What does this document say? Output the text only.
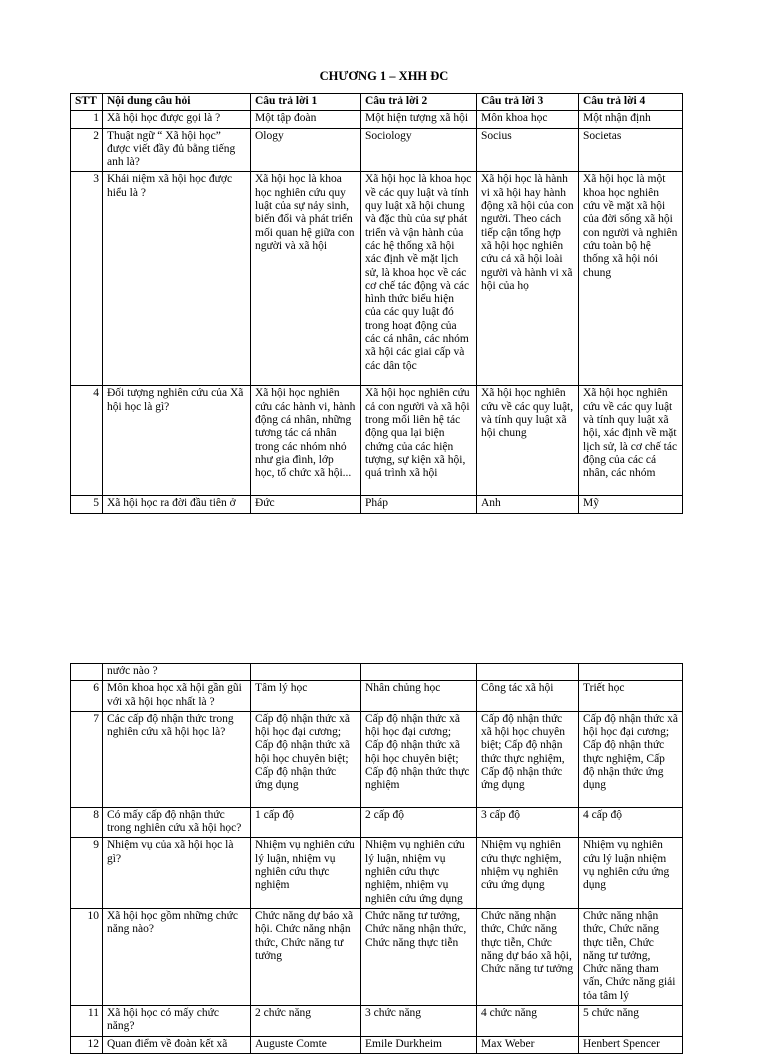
CHƯƠNG 1 – XHH ĐC
STT	Nội dung câu hỏi	Câu trả lời 1	Câu trả lời 2	Câu trả lời 3	Câu trả lời 4
1	Xã hội học được gọi là ?	Một tập đoàn	Một hiện tượng xã hội	Môn khoa học	Một nhận định
2	Thuật ngữ “ Xã hội học” được viết đầy đủ bằng tiếng anh là?	Ology	Sociology	Socius	Societas
3	Khái niệm xã hội học được hiểu là ?	Xã hội học là khoa học nghiên cứu quy luật của sự nảy sinh, biến đổi và phát triển mối quan hệ giữa con người và xã hội	Xã hội học là khoa học về các quy luật và tính quy luật xã hội chung và đặc thù của sự phát triển và vận hành của các hệ thống xã hội xác định về mặt lịch sử, là khoa học về các cơ chế tác động và các hình thức biểu hiện của các quy luật đó trong hoạt động của các cá nhân, các nhóm xã hội các giai cấp và các dân tộc	Xã hội học là hành vi xã hội hay hành động xã hội của con người. Theo cách tiếp cận tổng hợp xã hội học nghiên cứu cả xã hội loài người và hành vi xã hội của họ	Xã hội học là một khoa học nghiên cứu về mặt xã hội của đời sống xã hội con người và nghiên cứu toàn bộ hệ thống xã hội nói chung
4	Đối tượng nghiên cứu của Xã hội học là gì?	Xã hội học nghiên cứu các hành vi, hành động cá nhân, những tương tác cá nhân trong các nhóm nhỏ như gia đình, lớp học, tổ chức xã hội...	Xã hội học nghiên cứu cả con người và xã hội trong mối liên hệ tác động qua lại biện chứng của các hiện tượng, sự kiện xã hội, quá trình xã hội	Xã hội học nghiên cứu về các quy luật, và tính quy luật xã hội chung	Xã hội học nghiên cứu về các quy luật và tính quy luật xã hội, xác định về mặt lịch sử, là cơ chế tác động của các cá nhân, các nhóm
5	Xã hội học ra đời đầu tiên ở	Đức	Pháp	Anh	Mỹ
	nước nào ?				
6	Môn khoa học xã hội gần gũi với xã hội học nhất là ?	Tâm lý học	Nhân chủng học	Công tác xã hội	Triết học
7	Các cấp độ nhận thức trong nghiên cứu xã hội học là?	Cấp độ nhận thức xã hội học đại cương; Cấp độ nhận thức xã hội học chuyên biệt; Cấp độ nhận thức ứng dụng	Cấp độ nhận thức xã hội học đại cương; Cấp độ nhận thức xã hội học chuyên biệt; Cấp độ nhận thức thực nghiệm	Cấp độ nhận thức xã hội học chuyên biệt; Cấp độ nhận thức thực nghiệm, Cấp độ nhận thức ứng dụng	Cấp độ nhận thức xã hội học đại cương; Cấp độ nhận thức thực nghiệm, Cấp độ nhận thức ứng dụng
8	Có mấy cấp độ nhận thức trong nghiên cứu xã hội học?	1 cấp độ	2 cấp độ	3 cấp độ	4 cấp độ
9	Nhiệm vụ của xã hội học là gì?	Nhiệm vụ nghiên cứu lý luận, nhiệm vụ nghiên cứu thực nghiệm	Nhiệm vụ nghiên cứu lý luận, nhiệm vụ nghiên cứu thực nghiệm, nhiệm vụ nghiên cứu ứng dụng	Nhiệm vụ nghiên cứu thực nghiệm, nhiệm vụ nghiên cứu ứng dụng	Nhiệm vụ nghiên cứu lý luận nhiệm vụ nghiên cứu ứng dụng
10	Xã hội học gồm những chức năng nào?	Chức năng dự báo xã hội. Chức năng nhận thức, Chức năng tư tưởng	Chức năng tư tưởng, Chức năng nhận thức, Chức năng thực tiễn	Chức năng nhận thức, Chức năng thực tiễn, Chức năng dự báo xã hội, Chức năng tư tưởng	Chức năng nhận thức, Chức năng thực tiễn, Chức năng tư tưởng, Chức năng tham vấn, Chức năng giải tỏa tâm lý
11	Xã hội học có mấy chức năng?	2 chức năng	3 chức năng	4 chức năng	5 chức năng
12	Quan điểm về đoàn kết xã	Auguste Comte	Emile Durkheim	Max Weber	Henbert Spencer
